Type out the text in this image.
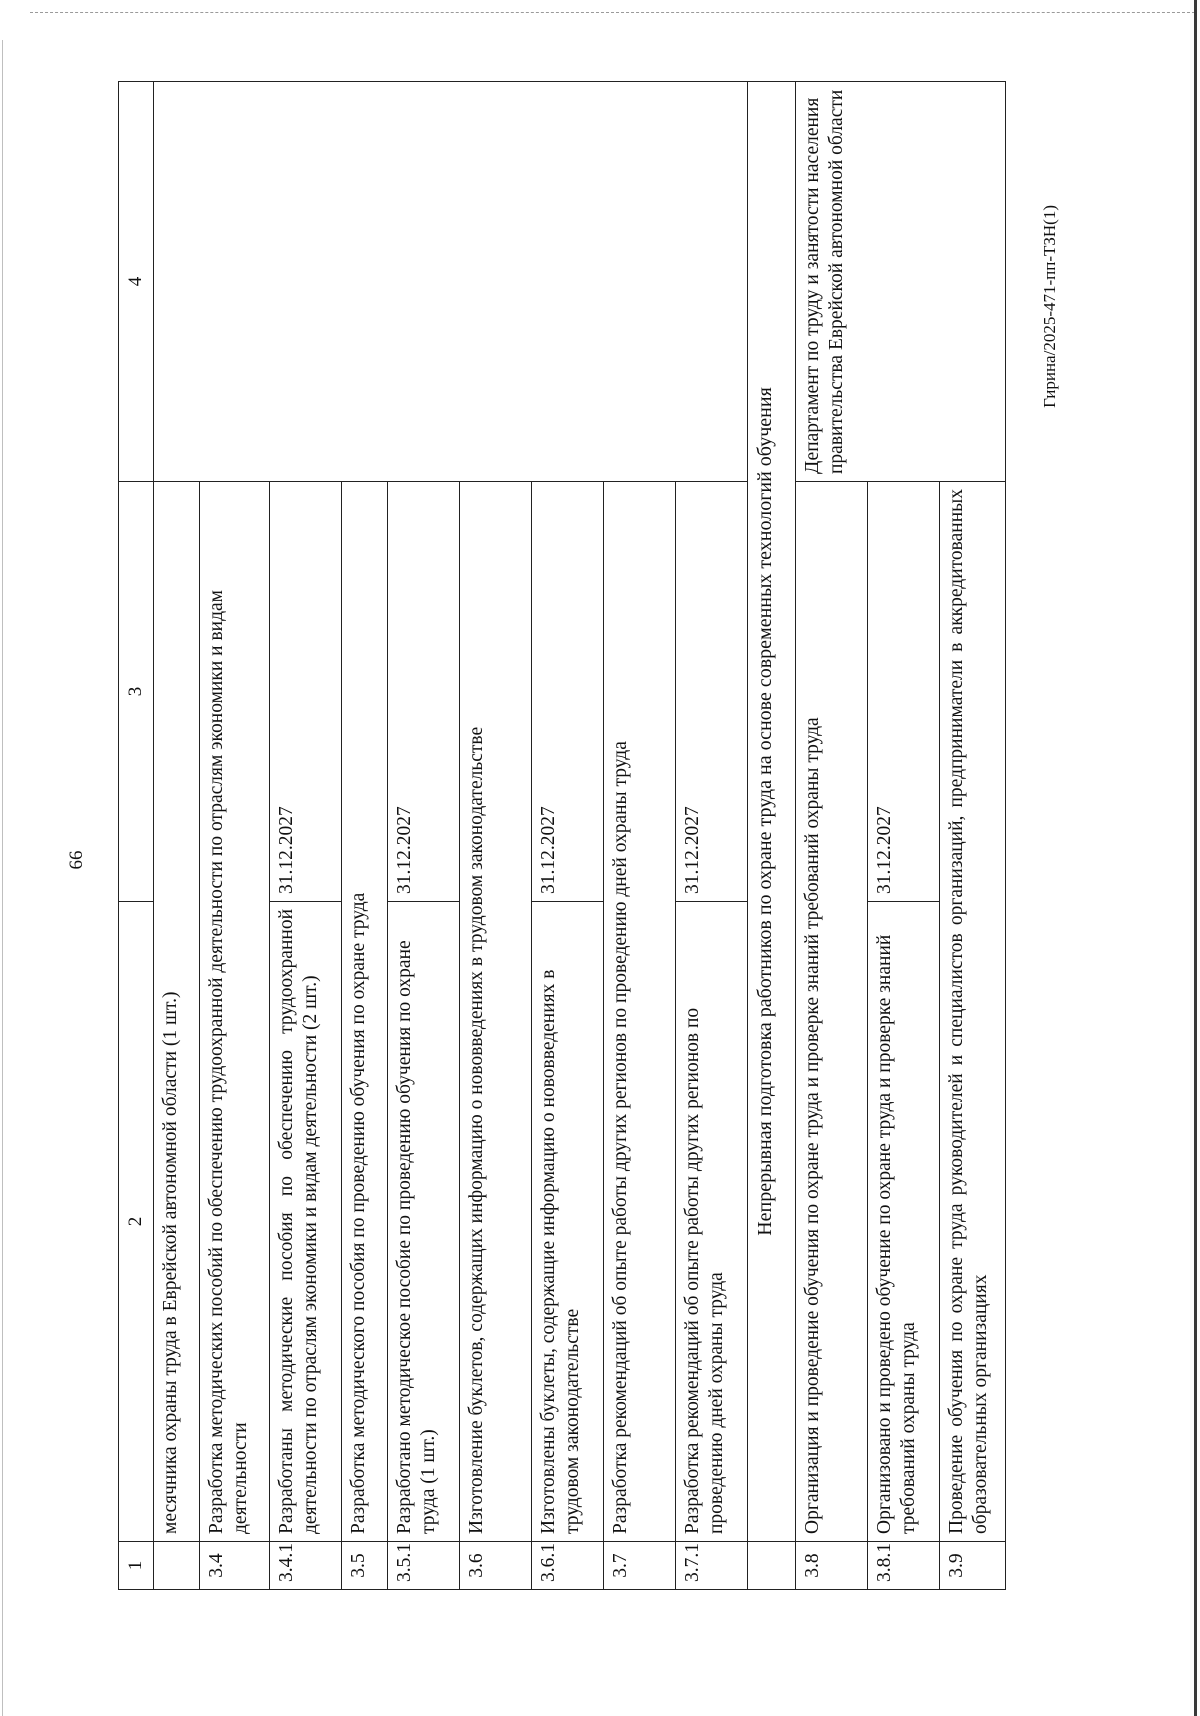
66
1	2	3	4
	месячника охраны труда в Еврейской автономной области (1 шт.)		
3.4	Разработка методических пособий по обеспечению трудоохранной деятельности по отраслям экономики и видам деятельности		
3.4.1	Разработаны методические пособия по обеспечению трудоохранной деятельности по отраслям экономики и видам деятельности (2 шт.)	31.12.2027	
3.5	Разработка методического пособия по проведению обучения по охране труда		
3.5.1	Разработано методическое пособие по проведению обучения по охране труда (1 шт.)	31.12.2027	
3.6	Изготовление буклетов, содержащих информацию о нововведениях в трудовом законодательстве		
3.6.1	Изготовлены буклеты, содержащие информацию о нововведениях в трудовом законодательстве	31.12.2027	
3.7	Разработка рекомендаций об опыте работы других регионов по проведению дней охраны труда		
3.7.1	Разработка рекомендаций об опыте работы других регионов по проведению дней охраны труда	31.12.2027	
	Непрерывная подготовка работников по охране труда на основе современных технологий обучения		
3.8	Организация и проведение обучения по охране труда и проверке знаний требований охраны труда		Департамент по труду и занятости населения правительства Еврейской автономной области
3.8.1	Организовано и проведено обучение по охране труда и проверке знаний требований охраны труда	31.12.2027	
3.9	Проведение обучения по охране труда руководителей и специалистов организаций, предприниматели в аккредитованных образовательных организациях		
Гирина/2025-471-пп-ТЗН(1)
